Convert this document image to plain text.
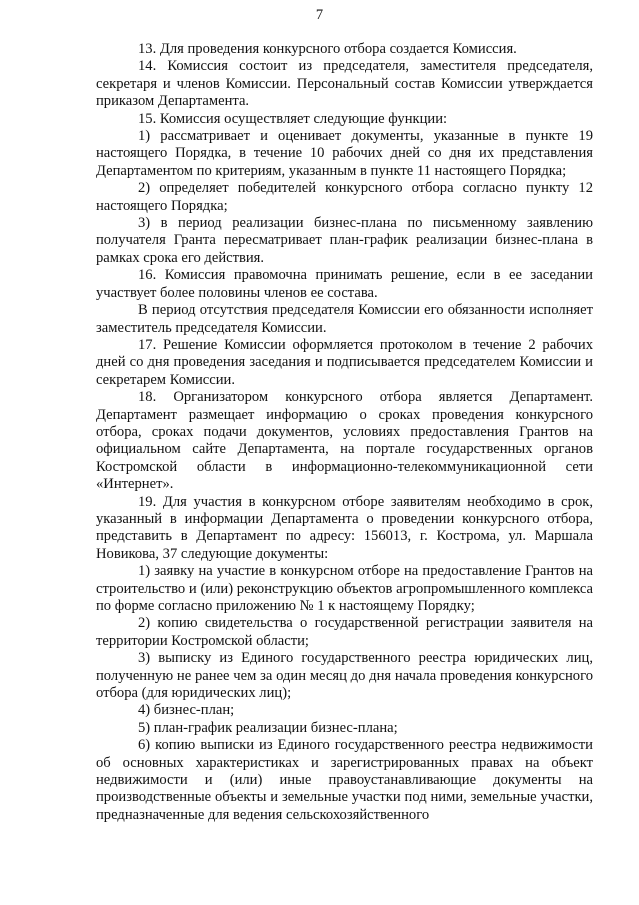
7

13. Для проведения конкурсного отбора создается Комиссия.

14. Комиссия состоит из председателя, заместителя председателя, секретаря и членов Комиссии. Персональный состав Комиссии утверждается приказом Департамента.

15. Комиссия осуществляет следующие функции:

1) рассматривает и оценивает документы, указанные в пункте 19 настоящего Порядка, в течение 10 рабочих дней со дня их представления Департаментом по критериям, указанным в пункте 11 настоящего Порядка;

2) определяет победителей конкурсного отбора согласно пункту 12 настоящего Порядка;

3) в период реализации бизнес-плана по письменному заявлению получателя Гранта пересматривает план-график реализации бизнес-плана в рамках срока его действия.

16. Комиссия правомочна принимать решение, если в ее заседании участвует более половины членов ее состава.

В период отсутствия председателя Комиссии его обязанности исполняет заместитель председателя Комиссии.

17. Решение Комиссии оформляется протоколом в течение 2 рабочих дней со дня проведения заседания и подписывается председателем Комиссии и секретарем Комиссии.

18. Организатором конкурсного отбора является Департамент. Департамент размещает информацию о сроках проведения конкурсного отбора, сроках подачи документов, условиях предоставления Грантов на официальном сайте Департамента, на портале государственных органов Костромской области в информационно-телекоммуникационной сети «Интернет».

19. Для участия в конкурсном отборе заявителям необходимо в срок, указанный в информации Департамента о проведении конкурсного отбора, представить в Департамент по адресу: 156013, г. Кострома, ул. Маршала Новикова, 37 следующие документы:

1) заявку на участие в конкурсном отборе на предоставление Грантов на строительство и (или) реконструкцию объектов агропромышленного комплекса по форме согласно приложению № 1 к настоящему Порядку;

2) копию свидетельства о государственной регистрации заявителя на территории Костромской области;

3) выписку из Единого государственного реестра юридических лиц, полученную не ранее чем за один месяц до дня начала проведения конкурсного отбора (для юридических лиц);

4) бизнес-план;

5) план-график реализации бизнес-плана;

6) копию выписки из Единого государственного реестра недвижимости об основных характеристиках и зарегистрированных правах на объект недвижимости и (или) иные правоустанавливающие документы на производственные объекты и земельные участки под ними, земельные участки, предназначенные для ведения сельскохозяйственного
